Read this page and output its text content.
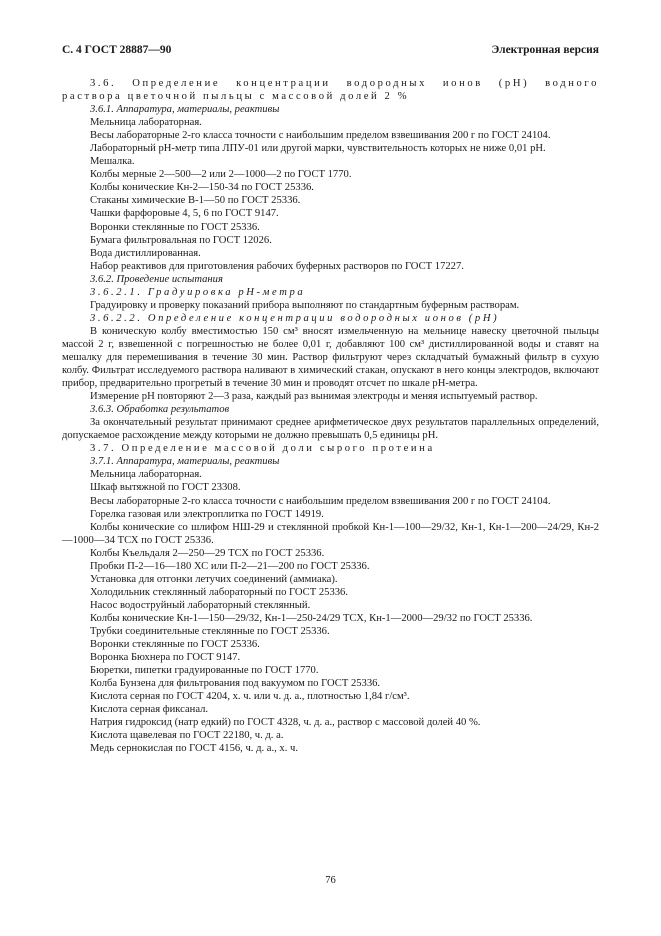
С. 4 ГОСТ 28887—90	Электронная версия

3.6. Определение концентрации водородных ионов (рН) водного раствора цветочной пыльцы с массовой долей 2 %

3.6.1. Аппаратура, материалы, реактивы

Мельница лабораторная.

Весы лабораторные 2-го класса точности с наибольшим пределом взвешивания 200 г по ГОСТ 24104.

Лабораторный рН-метр типа ЛПУ-01 или другой марки, чувствительность которых не ниже 0,01 рН.

Мешалка.

Колбы мерные 2—500—2 или 2—1000—2 по ГОСТ 1770.

Колбы конические Кн-2—150-34 по ГОСТ 25336.

Стаканы химические В-1—50 по ГОСТ 25336.

Чашки фарфоровые 4, 5, 6 по ГОСТ 9147.

Воронки стеклянные по ГОСТ 25336.

Бумага фильтровальная по ГОСТ 12026.

Вода дистиллированная.

Набор реактивов для приготовления рабочих буферных растворов по ГОСТ 17227.

3.6.2. Проведение испытания

3.6.2.1. Градуировка рН-метра

Градуировку и проверку показаний прибора выполняют по стандартным буферным растворам.

3.6.2.2. Определение концентрации водородных ионов (рН)

В коническую колбу вместимостью 150 см³ вносят измельченную на мельнице навеску цветочной пыльцы массой 2 г, взвешенной с погрешностью не более 0,01 г, добавляют 100 см³ дистиллированной воды и ставят на мешалку для перемешивания в течение 30 мин. Раствор фильтруют через складчатый бумажный фильтр в сухую колбу. Фильтрат исследуемого раствора наливают в химический стакан, опускают в него концы электродов, включают прибор, предварительно прогретый в течение 30 мин и проводят отсчет по шкале рН-метра.

Измерение рН повторяют 2—3 раза, каждый раз вынимая электроды и меняя испытуемый раствор.

3.6.3. Обработка результатов

За окончательный результат принимают среднее арифметическое двух результатов параллельных определений, допускаемое расхождение между которыми не должно превышать 0,5 единицы рН.

3.7. Определение массовой доли сырого протеина

3.7.1. Аппаратура, материалы, реактивы

Мельница лабораторная.

Шкаф вытяжной по ГОСТ 23308.

Весы лабораторные 2-го класса точности с наибольшим пределом взвешивания 200 г по ГОСТ 24104.

Горелка газовая или электроплитка по ГОСТ 14919.

Колбы конические со шлифом НШ-29 и стеклянной пробкой Кн-1—100—29/32, Кн-1, Кн-1—200—24/29, Кн-2—1000—34 ТСХ по ГОСТ 25336.

Колбы Къельдаля 2—250—29 ТСХ по ГОСТ 25336.

Пробки П-2—16—180 ХС или П-2—21—200 по ГОСТ 25336.

Установка для отгонки летучих соединений (аммиака).

Холодильник стеклянный лабораторный по ГОСТ 25336.

Насос водоструйный лабораторный стеклянный.

Колбы конические Кн-1—150—29/32, Кн-1—250-24/29 ТСХ, Кн-1—2000—29/32 по ГОСТ 25336.

Трубки соединительные стеклянные по ГОСТ 25336.

Воронки стеклянные по ГОСТ 25336.

Воронка Бюхнера по ГОСТ 9147.

Бюретки, пипетки градуированные по ГОСТ 1770.

Колба Бунзена для фильтрования под вакуумом по ГОСТ 25336.

Кислота серная по ГОСТ 4204, х. ч. или ч. д. а., плотностью 1,84 г/см³.

Кислота серная фиксанал.

Натрия гидроксид (натр едкий) по ГОСТ 4328, ч. д. а., раствор с массовой долей 40 %.

Кислота щавелевая по ГОСТ 22180, ч. д. а.

Медь сернокислая по ГОСТ 4156, ч. д. а., х. ч.

76
